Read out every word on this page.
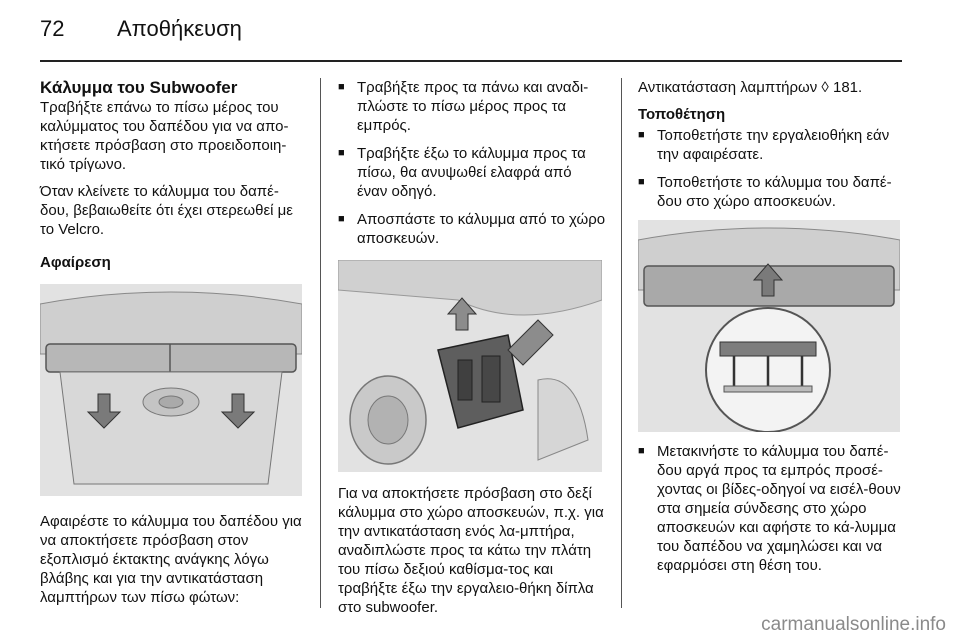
72 Αποθήκευση

Κάλυμμα του Subwoofer

Τραβήξτε επάνω το πίσω μέρος του καλύμματος του δαπέδου για να απο-κτήσετε πρόσβαση στο προειδοποιη-τικό τρίγωνο.

Όταν κλείνετε το κάλυμμα του δαπέ-δου, βεβαιωθείτε ότι έχει στερεωθεί με το Velcro.

Αφαίρεση

Αφαιρέστε το κάλυμμα του δαπέδου για να αποκτήσετε πρόσβαση στον εξοπλισμό έκτακτης ανάγκης λόγω βλάβης και για την αντικατάσταση λαμπτήρων των πίσω φώτων:

■ Τραβήξτε προς τα πάνω και αναδι-πλώστε το πίσω μέρος προς τα εμπρός.
■ Τραβήξτε έξω το κάλυμμα προς τα πίσω, θα ανυψωθεί ελαφρά από έναν οδηγό.
■ Αποσπάστε το κάλυμμα από το χώρο αποσκευών.

Για να αποκτήσετε πρόσβαση στο δεξί κάλυμμα στο χώρο αποσκευών, π.χ. για την αντικατάσταση ενός λα-μπτήρα, αναδιπλώστε προς τα κάτω την πλάτη του πίσω δεξιού καθίσμα-τος και τραβήξτε έξω την εργαλειο-θήκη δίπλα στο subwoofer.

Αντικατάσταση λαμπτήρων ◊ 181.

Τοποθέτηση

■ Τοποθετήστε την εργαλειοθήκη εάν την αφαιρέσατε.
■ Τοποθετήστε το κάλυμμα του δαπέ-δου στο χώρο αποσκευών.
■ Μετακινήστε το κάλυμμα του δαπέ-δου αργά προς τα εμπρός προσέ-χοντας οι βίδες-οδηγοί να εισέλ-θουν στα σημεία σύνδεσης στο χώρο αποσκευών και αφήστε το κά-λυμμα του δαπέδου να χαμηλώσει και να εφαρμόσει στη θέση του.
carmanualsonline.info
